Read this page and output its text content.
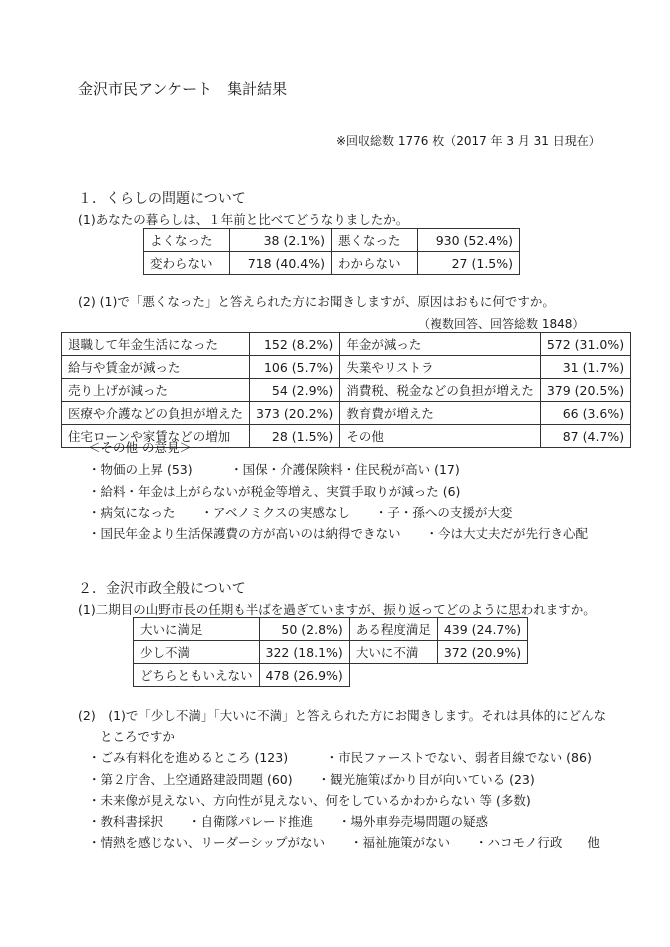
金沢市民アンケート　集計結果
※回収総数 1776 枚（2017 年 3 月 31 日現在）
１．くらしの問題について
(1)あなたの暮らしは、１年前と比べてどうなりましたか。
よくなった	38 (2.1%)	悪くなった	930 (52.4%)
変わらない	718 (40.4%)	わからない	27 (1.5%)
(2) (1)で「悪くなった」と答えられた方にお聞きしますが、原因はおもに何ですか。
（複数回答、回答総数 1848）
退職して年金生活になった	152 (8.2%)	年金が減った	572 (31.0%)
給与や賃金が減った	106 (5.7%)	失業やリストラ	31 (1.7%)
売り上げが減った	54 (2.9%)	消費税、税金などの負担が増えた	379 (20.5%)
医療や介護などの負担が増えた	373 (20.2%)	教育費が増えた	66 (3.6%)
住宅ローンや家賃などの増加	28 (1.5%)	その他	87 (4.7%)
＜その他 の意見＞
・物価の上昇 (53)　　　・国保・介護保険料・住民税が高い (17)
・給料・年金は上がらないが税金等増え、実質手取りが減った (6)
・病気になった　　・アベノミクスの実感なし　　・子・孫への支援が大変
・国民年金より生活保護費の方が高いのは納得できない　　・今は大丈夫だが先行き心配
２．金沢市政全般について
(1)二期目の山野市長の任期も半ばを過ぎていますが、振り返ってどのように思われますか。
大いに満足	50 (2.8%)	ある程度満足	439 (24.7%)
少し不満	322 (18.1%)	大いに不満	372 (20.9%)
どちらともいえない	478 (26.9%)		
(2)　(1)で「少し不満」「大いに不満」と答えられた方にお聞きします。それは具体的にどんな
ところですか
・ごみ有料化を進めるところ (123)　　　・市民ファーストでない、弱者目線でない (86)
・第２庁舎、上空通路建設問題 (60)　　・観光施策ばかり目が向いている (23)
・未来像が見えない、方向性が見えない、何をしているかわからない 等 (多数)
・教科書採択　　・自衛隊パレード推進　　・場外車券売場問題の疑惑
・情熱を感じない、リーダーシップがない　　・福祉施策がない　　・ハコモノ行政　　他
